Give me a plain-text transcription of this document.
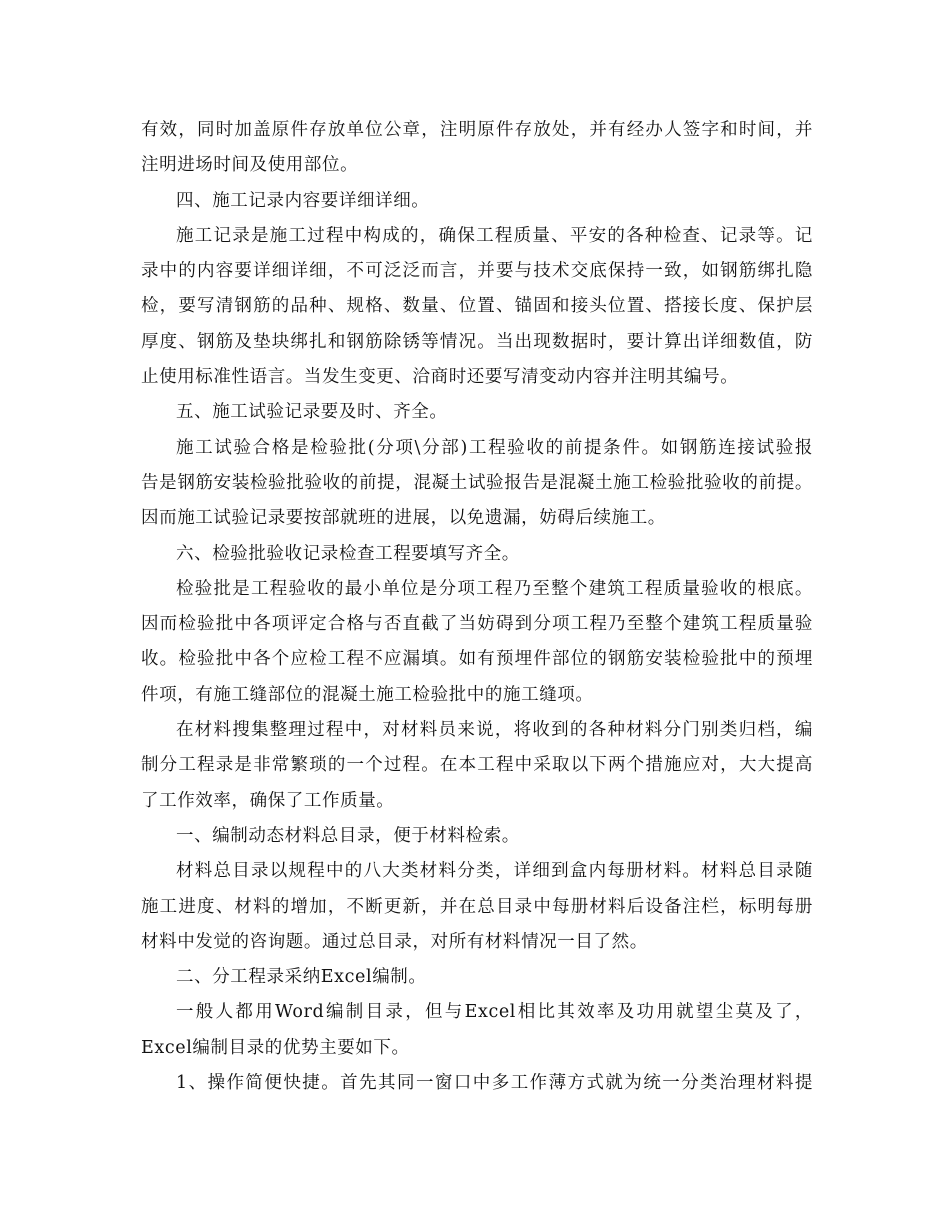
有效，同时加盖原件存放单位公章，注明原件存放处，并有经办人签字和时间，并
注明进场时间及使用部位。
四、施工记录内容要详细详细。
施工记录是施工过程中构成的，确保工程质量、平安的各种检查、记录等。记
录中的内容要详细详细，不可泛泛而言，并要与技术交底保持一致，如钢筋绑扎隐
检，要写清钢筋的品种、规格、数量、位置、锚固和接头位置、搭接长度、保护层
厚度、钢筋及垫块绑扎和钢筋除锈等情况。当出现数据时，要计算出详细数值，防
止使用标准性语言。当发生变更、洽商时还要写清变动内容并注明其编号。
五、施工试验记录要及时、齐全。
施工试验合格是检验批(分项\分部)工程验收的前提条件。如钢筋连接试验报
告是钢筋安装检验批验收的前提，混凝土试验报告是混凝土施工检验批验收的前提。
因而施工试验记录要按部就班的进展，以免遗漏，妨碍后续施工。
六、检验批验收记录检查工程要填写齐全。
检验批是工程验收的最小单位是分项工程乃至整个建筑工程质量验收的根底。
因而检验批中各项评定合格与否直截了当妨碍到分项工程乃至整个建筑工程质量验
收。检验批中各个应检工程不应漏填。如有预埋件部位的钢筋安装检验批中的预埋
件项，有施工缝部位的混凝土施工检验批中的施工缝项。
在材料搜集整理过程中，对材料员来说，将收到的各种材料分门别类归档，编
制分工程录是非常繁琐的一个过程。在本工程中采取以下两个措施应对，大大提高
了工作效率，确保了工作质量。
一、编制动态材料总目录，便于材料检索。
材料总目录以规程中的八大类材料分类，详细到盒内每册材料。材料总目录随
施工进度、材料的增加，不断更新，并在总目录中每册材料后设备注栏，标明每册
材料中发觉的咨询题。通过总目录，对所有材料情况一目了然。
二、分工程录采纳Excel编制。
一般人都用Word编制目录，但与Excel相比其效率及功用就望尘莫及了，
Excel编制目录的优势主要如下。
1、操作简便快捷。首先其同一窗口中多工作薄方式就为统一分类治理材料提
